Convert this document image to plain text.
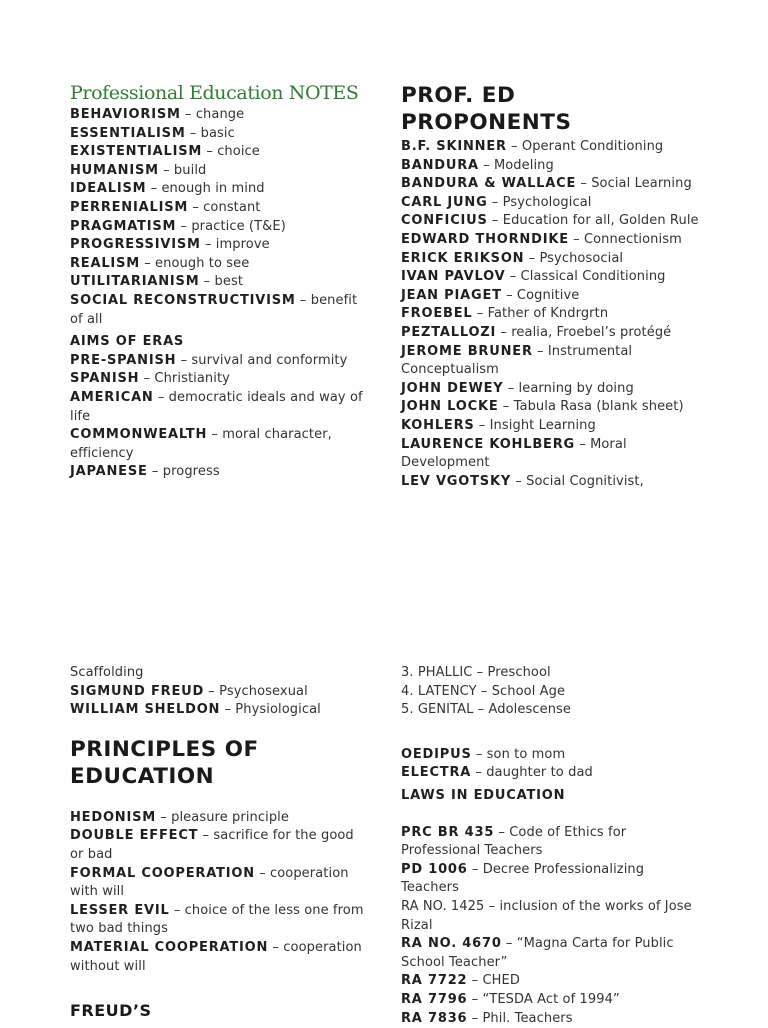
Professional Education NOTES
BEHAVIORISM – change
ESSENTIALISM – basic
EXISTENTIALISM – choice
HUMANISM – build
IDEALISM – enough in mind
PERRENIALISM – constant
PRAGMATISM – practice (T&E)
PROGRESSIVISM – improve
REALISM – enough to see
UTILITARIANISM – best
SOCIAL RECONSTRUCTIVISM – benefit of all
AIMS OF ERAS
PRE-SPANISH – survival and conformity
SPANISH – Christianity
AMERICAN – democratic ideals and way of life
COMMONWEALTH – moral character, efficiency
JAPANESE – progress
PROF. ED
PROPONENTS
B.F. SKINNER – Operant Conditioning
BANDURA – Modeling
BANDURA & WALLACE – Social Learning
CARL JUNG – Psychological
CONFICIUS – Education for all, Golden Rule
EDWARD THORNDIKE – Connectionism
ERICK ERIKSON – Psychosocial
IVAN PAVLOV – Classical Conditioning
JEAN PIAGET – Cognitive
FROEBEL – Father of Kndrgrtn
PEZTALLOZI – realia, Froebel’s protégé
JEROME BRUNER – Instrumental Conceptualism
JOHN DEWEY – learning by doing
JOHN LOCKE – Tabula Rasa (blank sheet)
KOHLERS – Insight Learning
LAURENCE KOHLBERG – Moral Development
LEV VGOTSKY – Social Cognitivist,
Scaffolding
SIGMUND FREUD – Psychosexual
WILLIAM SHELDON – Physiological
PRINCIPLES OF
EDUCATION
HEDONISM – pleasure principle
DOUBLE EFFECT – sacrifice for the good or bad
FORMAL COOPERATION – cooperation with will
LESSER EVIL – choice of the less one from two bad things
MATERIAL COOPERATION – cooperation without will
FREUD’S
3. PHALLIC – Preschool
4. LATENCY – School Age
5. GENITAL – Adolescense
OEDIPUS – son to mom
ELECTRA – daughter to dad
LAWS IN EDUCATION
PRC BR 435 – Code of Ethics for Professional Teachers
PD 1006 – Decree Professionalizing Teachers
RA NO. 1425 – inclusion of the works of Jose Rizal
RA NO. 4670 – “Magna Carta for Public School Teacher”
RA 7722 – CHED
RA 7796 – “TESDA Act of 1994”
RA 7836 – Phil. Teachers
